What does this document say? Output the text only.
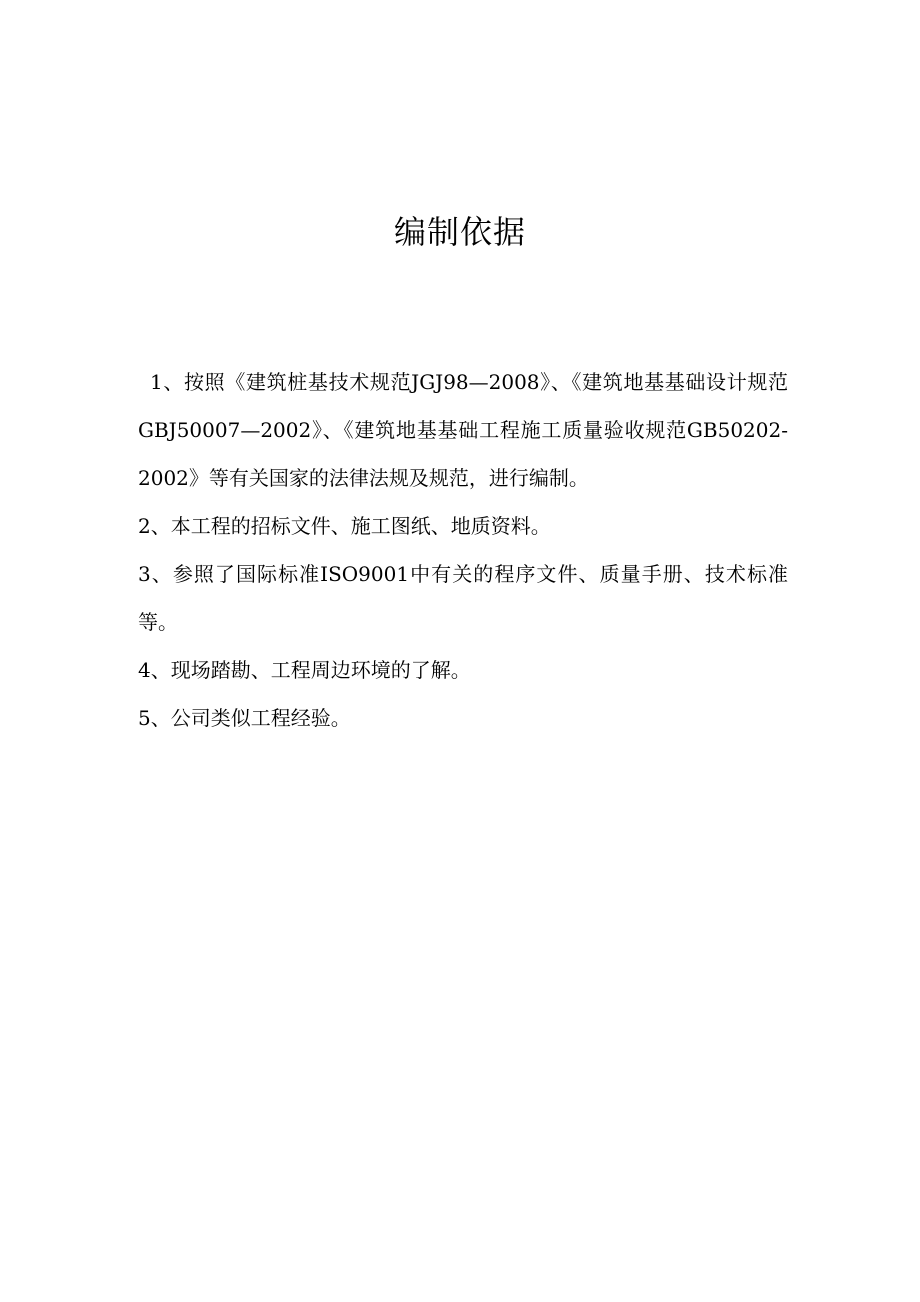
编制依据

1、按照《建筑桩基技术规范JGJ98—2008》、《建筑地基基础设计规范 GBJ50007—2002》、《建筑地基基础工程施工质量验收规范GB50202-2002》等有关国家的法律法规及规范，进行编制。

2、本工程的招标文件、施工图纸、地质资料。

3、参照了国际标准ISO9001中有关的程序文件、质量手册、技术标准等。

4、现场踏勘、工程周边环境的了解。

5、公司类似工程经验。
